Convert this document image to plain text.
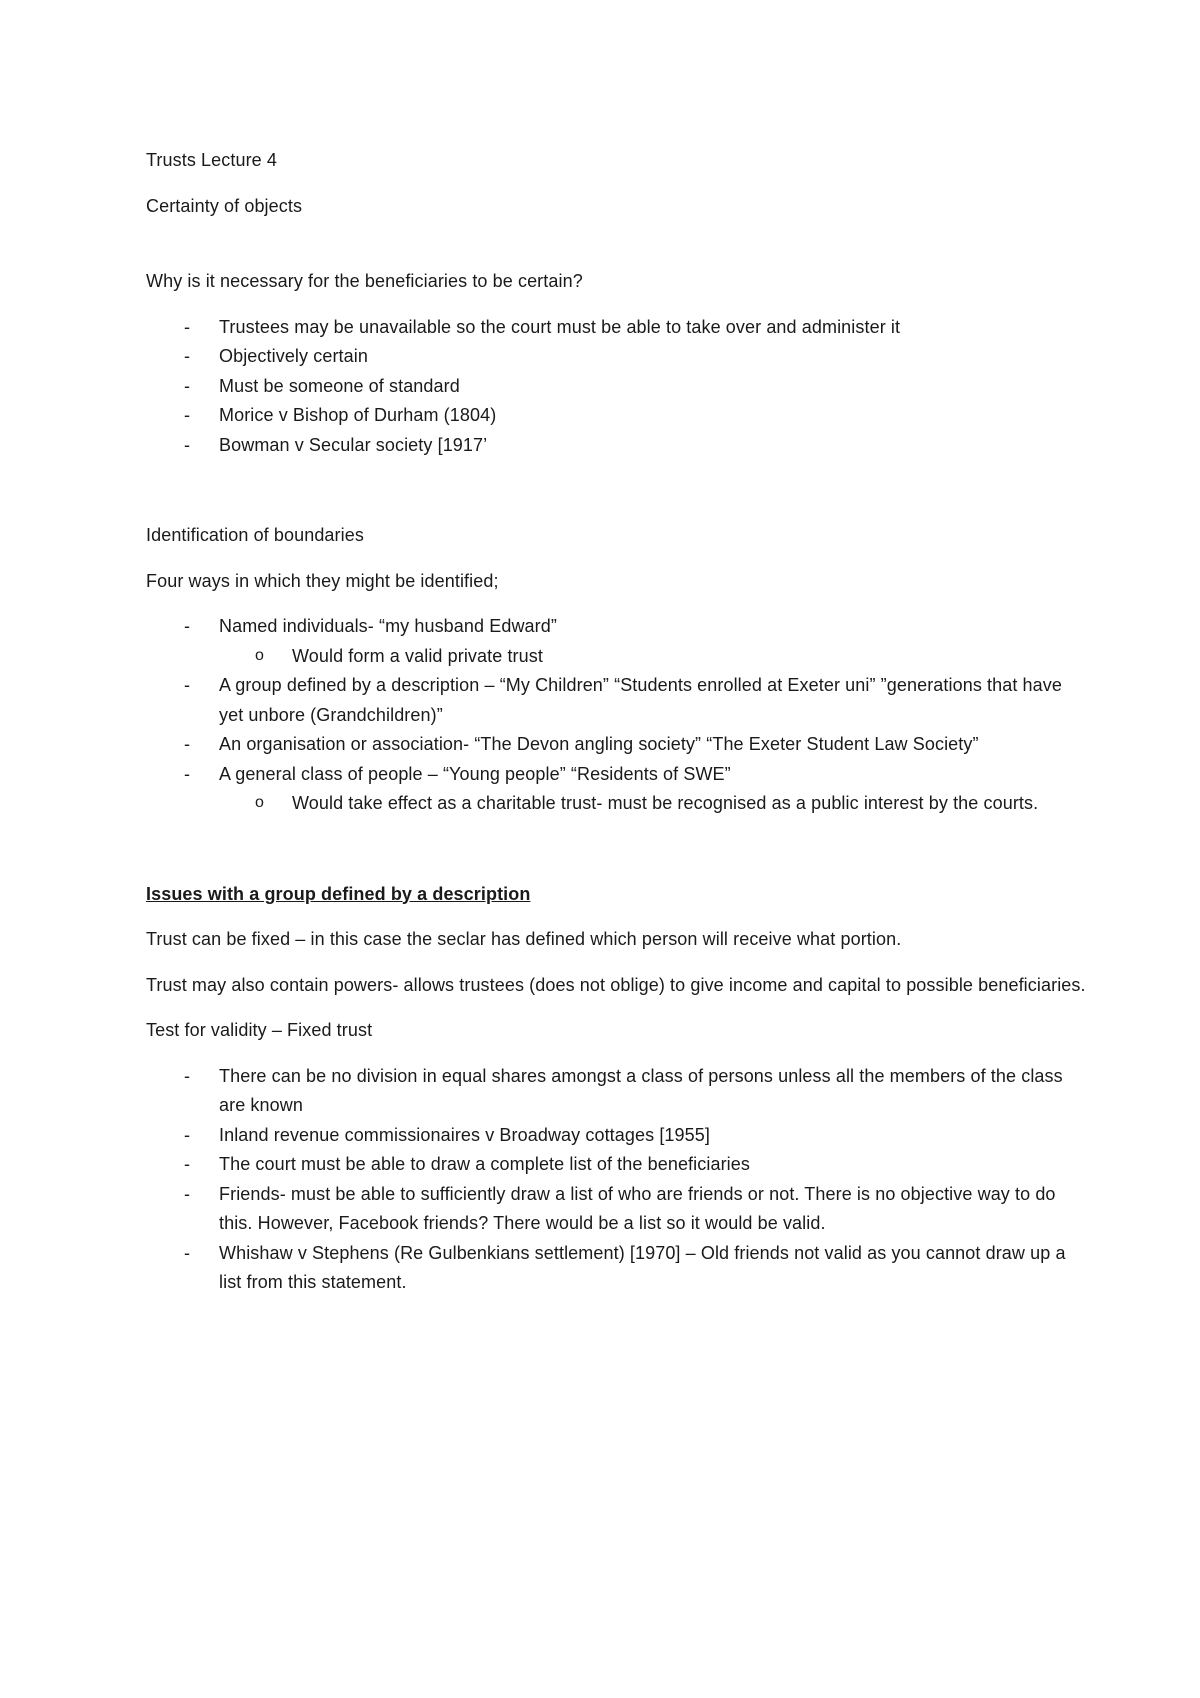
Trusts Lecture 4

Certainty of objects

Why is it necessary for the beneficiaries to be certain?

- Trustees may be unavailable so the court must be able to take over and administer it
- Objectively certain
- Must be someone of standard
- Morice v Bishop of Durham (1804)
- Bowman v Secular society [1917’

Identification of boundaries

Four ways in which they might be identified;

- Named individuals- “my husband Edward”
o Would form a valid private trust
- A group defined by a description – “My Children” “Students enrolled at Exeter uni” ”generations that have yet unbore (Grandchildren)”
- An organisation or association- “The Devon angling society” “The Exeter Student Law Society”
- A general class of people – “Young people” “Residents of SWE”
o Would take effect as a charitable trust- must be recognised as a public interest by the courts.

Issues with a group defined by a description

Trust can be fixed – in this case the seclar has defined which person will receive what portion.

Trust may also contain powers- allows trustees (does not oblige) to give income and capital to possible beneficiaries.

Test for validity – Fixed trust

- There can be no division in equal shares amongst a class of persons unless all the members of the class are known
- Inland revenue commissionaires v Broadway cottages [1955]
- The court must be able to draw a complete list of the beneficiaries
- Friends- must be able to sufficiently draw a list of who are friends or not. There is no objective way to do this. However, Facebook friends? There would be a list so it would be valid.
- Whishaw v Stephens (Re Gulbenkians settlement) [1970] – Old friends not valid as you cannot draw up a list from this statement.
